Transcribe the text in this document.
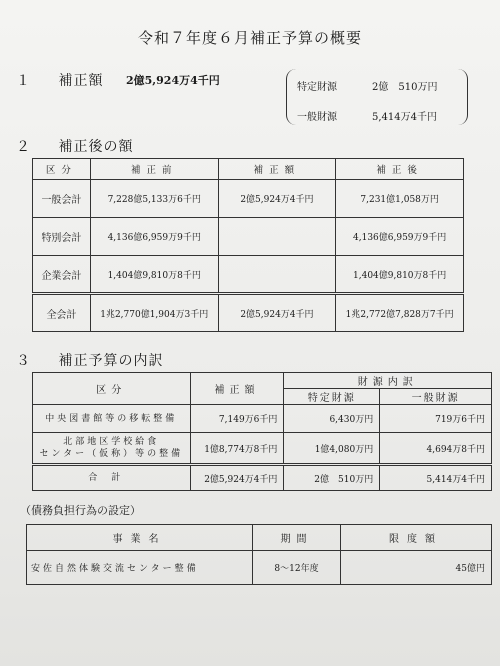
令和７年度６月補正予算の概要
１ 補正額 2億5,924万4千円
特定財源	2億　510万円
一般財源	5,414万4千円
２ 補正後の額
区分	補正前	補正額	補正後
一般会計	7,228億5,133万6千円	2億5,924万4千円	7,231億1,058万円
特別会計	4,136億6,959万9千円		4,136億6,959万9千円
企業会計	1,404億9,810万8千円		1,404億9,810万8千円
全会計	1兆2,770億1,904万3千円	2億5,924万4千円	1兆2,772億7,828万7千円
３ 補正予算の内訳
区分	補正額	財源内訳	
		特定財源	一般財源
中央図書館等の移転整備	7,149万6千円	6,430万円	719万6千円

北部地区学校給食
センター（仮称）等の整備	1億8,774万8千円	1億4,080万円	4,694万8千円
合計	2億5,924万4千円	2億　510万円	5,414万4千円
（債務負担行為の設定）
事業名	期間	限度額
安佐自然体験交流センター整備	8～12年度	45億円
